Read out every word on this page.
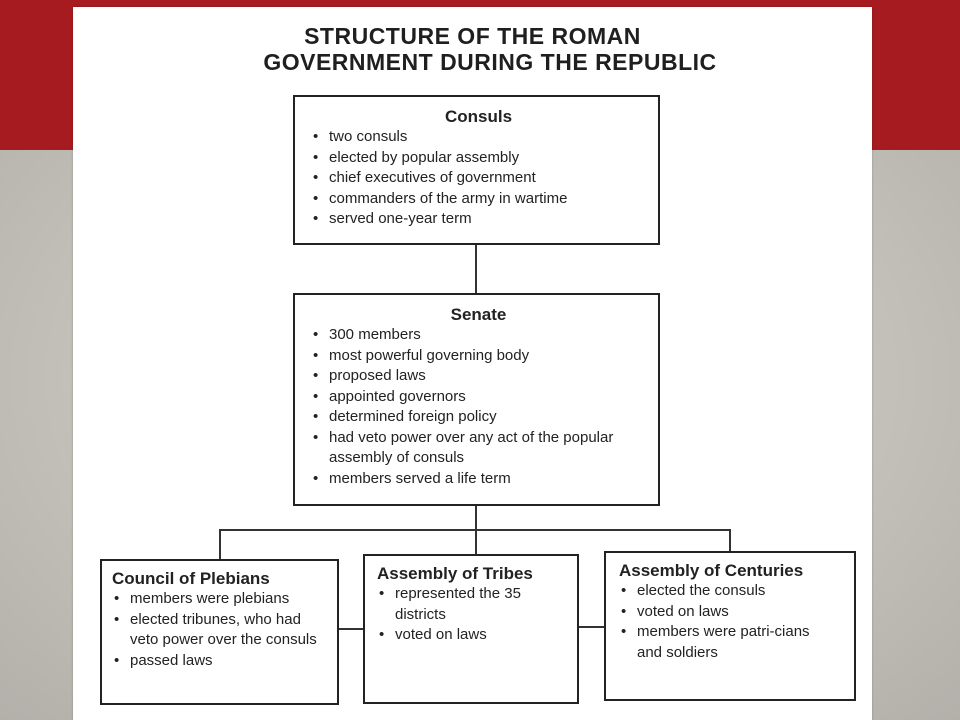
STRUCTURE OF THE ROMAN
GOVERNMENT DURING THE REPUBLIC
Consuls
• two consuls
• elected by popular assembly
• chief executives of government
• commanders of the army in wartime
• served one-year term
Senate
• 300 members
• most powerful governing body
• proposed laws
• appointed governors
• determined foreign policy
• had veto power over any act of the popular assembly of consuls
• members served a life term
Council of Plebians
• members were plebians
• elected tribunes, who had veto power over the consuls
• passed laws
Assembly of Tribes
• represented the 35 districts
• voted on laws
Assembly of Centuries
• elected the consuls
• voted on laws
• members were patri-cians and soldiers
